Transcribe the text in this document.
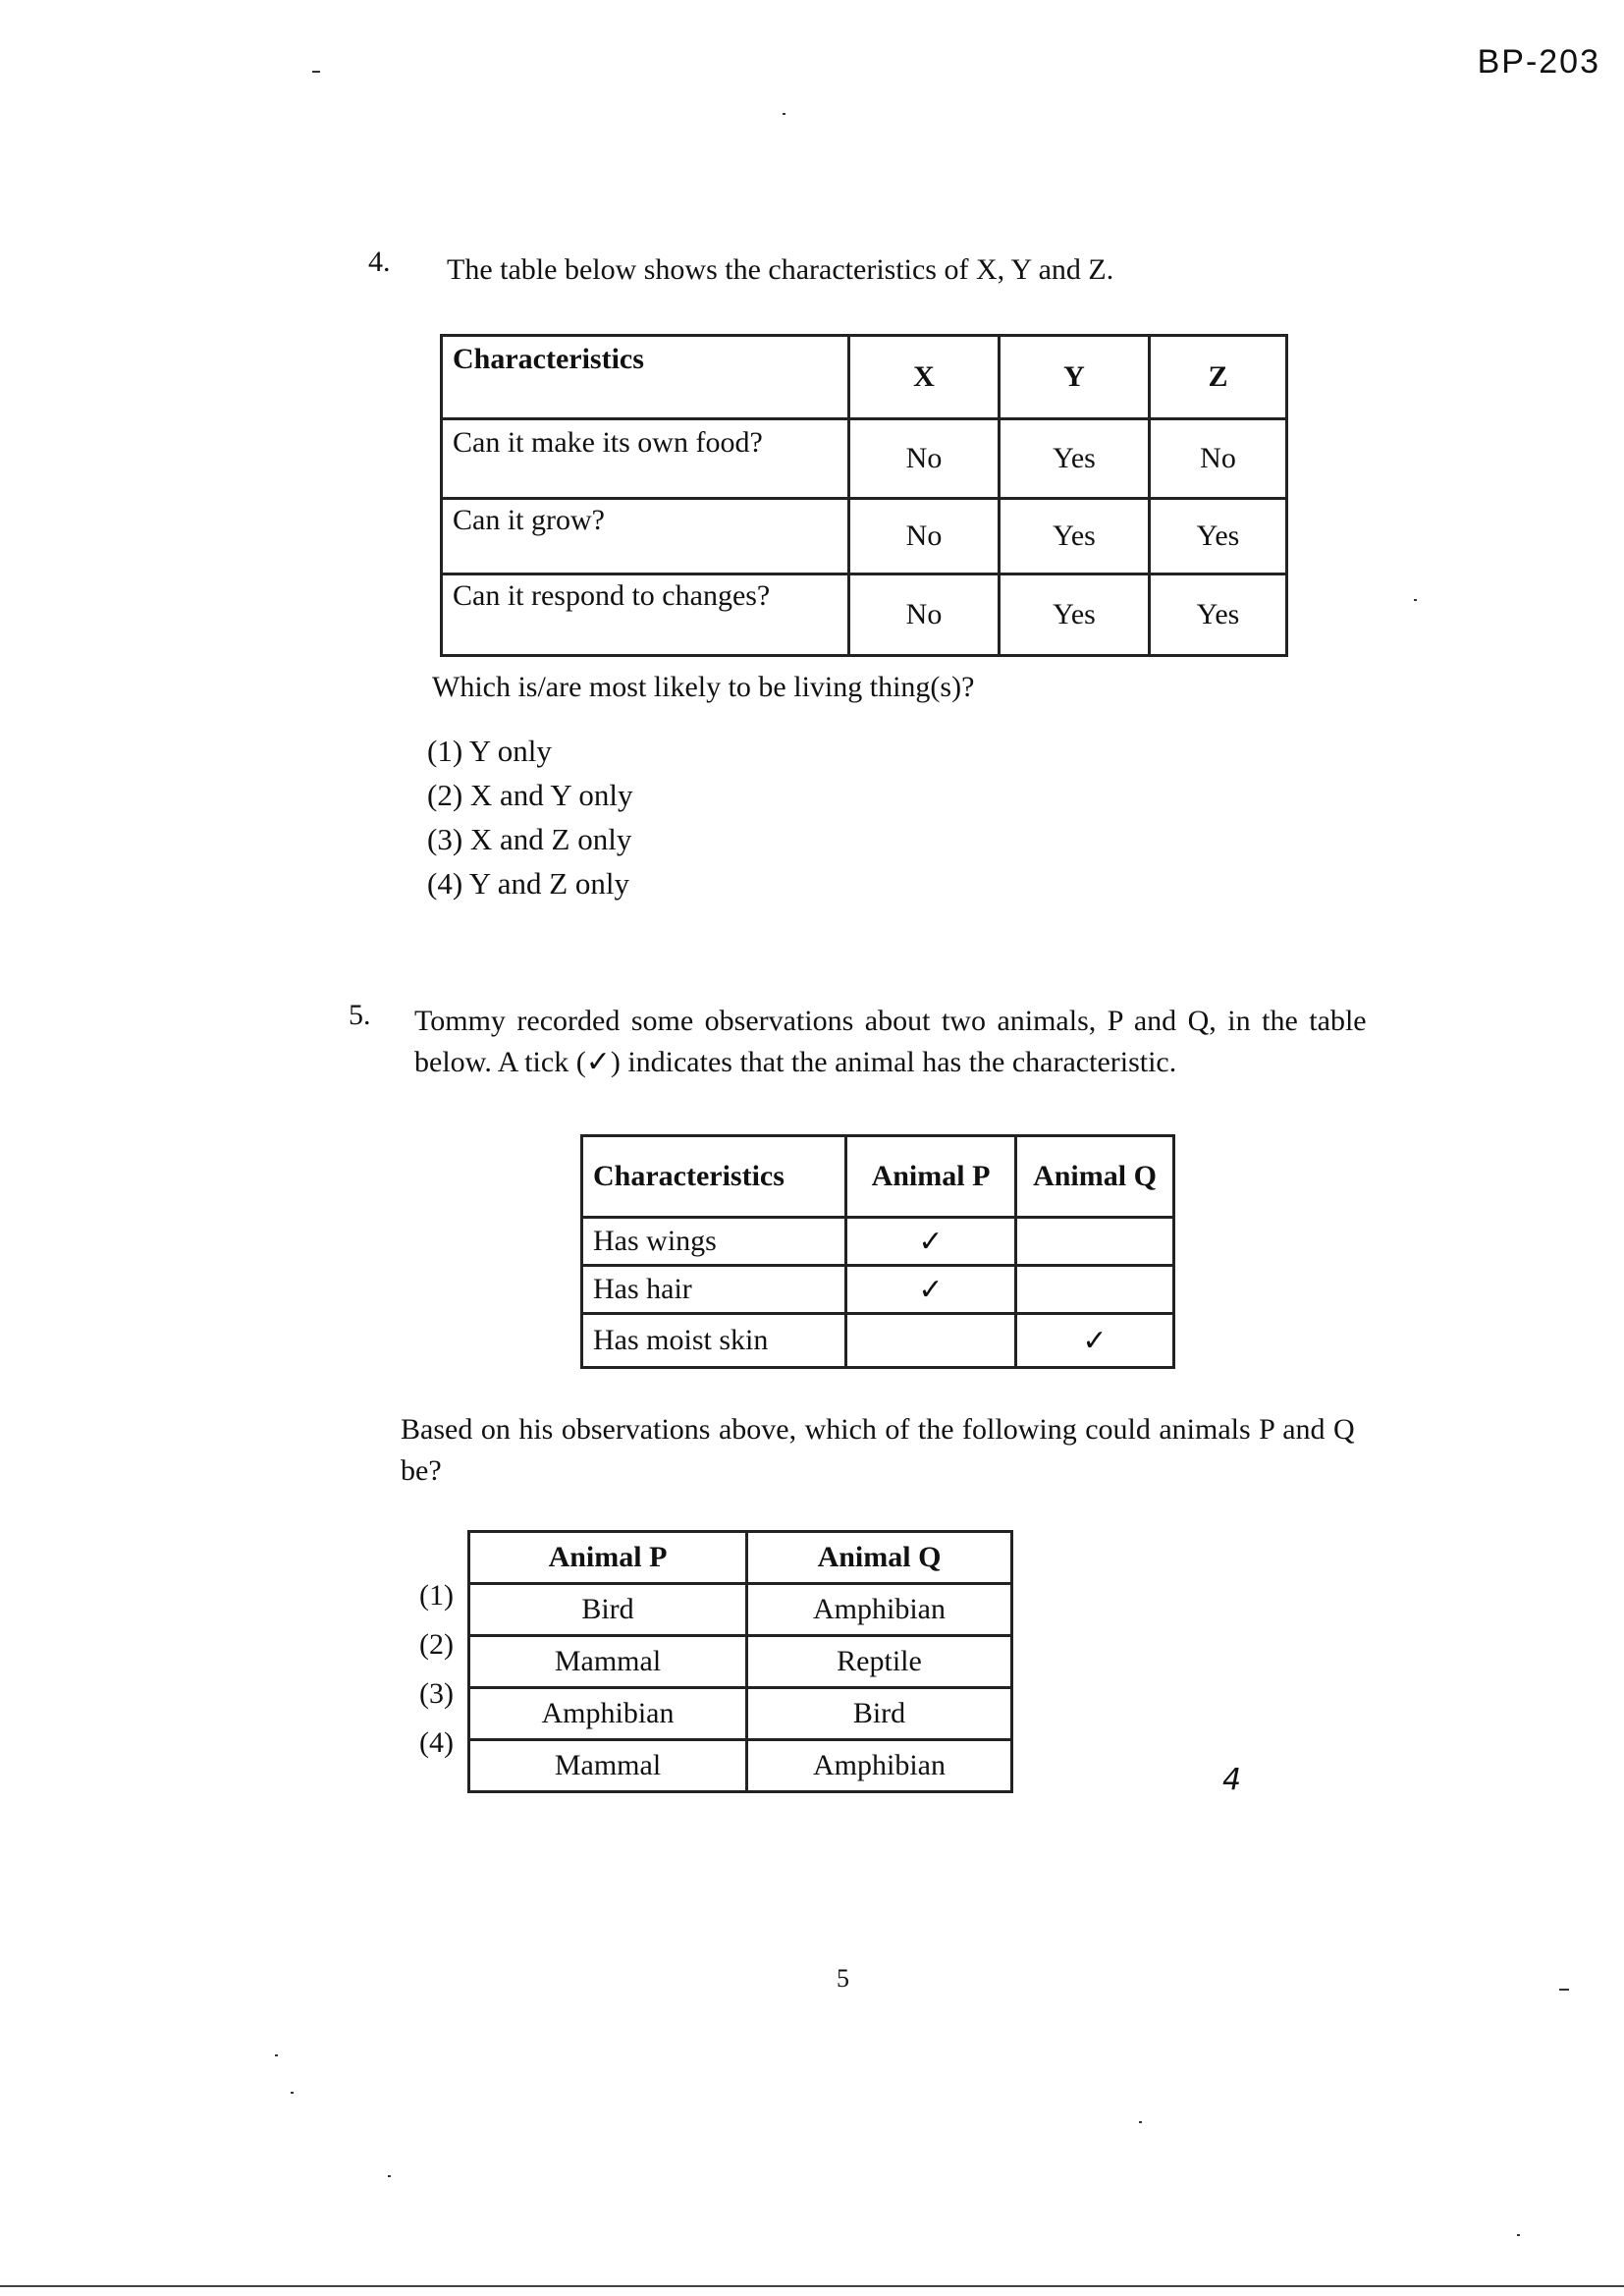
BP-203
4. The table below shows the characteristics of X, Y and Z.
Characteristics	X	Y	Z
Can it make its own food?	No	Yes	No
Can it grow?	No	Yes	Yes
Can it respond to changes?	No	Yes	Yes
Which is/are most likely to be living thing(s)?
(1) Y only
(2) X and Y only
(3) X and Z only
(4) Y and Z only
5. Tommy recorded some observations about two animals, P and Q, in the table
below. A tick (✓) indicates that the animal has the characteristic.
Characteristics	Animal P	Animal Q
Has wings	✓	
Has hair	✓	
Has moist skin		✓
Based on his observations above, which of the following could animals P and Q
be?
(1)
(2)
(3)
(4)
Animal P	Animal Q
Bird	Amphibian
Mammal	Reptile
Amphibian	Bird
Mammal	Amphibian	4
5
